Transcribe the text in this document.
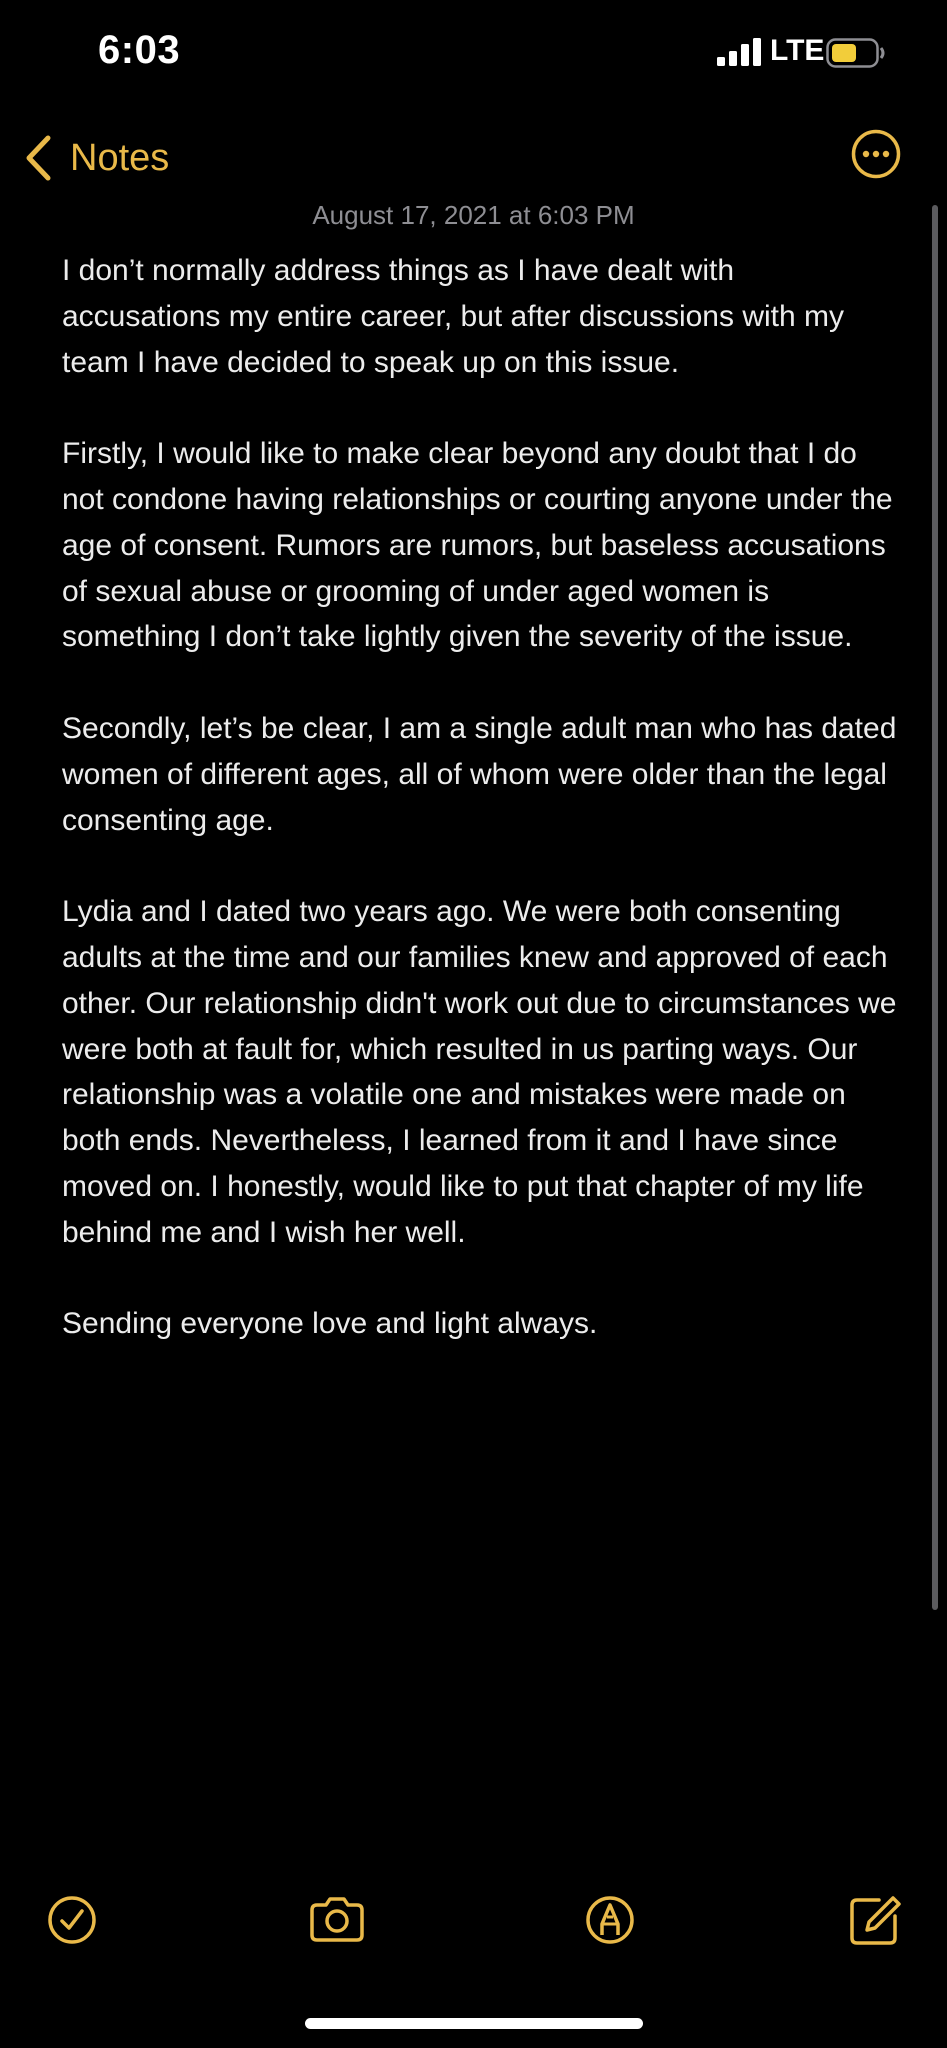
6:03	LTE
Notes
August 17, 2021 at 6:03 PM

I don’t normally address things as I have dealt with accusations my entire career, but after discussions with my team I have decided to speak up on this issue.

Firstly, I would like to make clear beyond any doubt that I do not condone having relationships or courting anyone under the age of consent. Rumors are rumors, but baseless accusations of sexual abuse or grooming of under aged women is something I don’t take lightly given the severity of the issue.

Secondly, let’s be clear, I am a single adult man who has dated women of different ages, all of whom were older than the legal consenting age.

Lydia and I dated two years ago. We were both consenting adults at the time and our families knew and approved of each other. Our relationship didn't work out due to circumstances we were both at fault for, which resulted in us parting ways. Our relationship was a volatile one and mistakes were made on both ends. Nevertheless, I learned from it and I have since moved on. I honestly, would like to put that chapter of my life behind me and I wish her well.

Sending everyone love and light always.
